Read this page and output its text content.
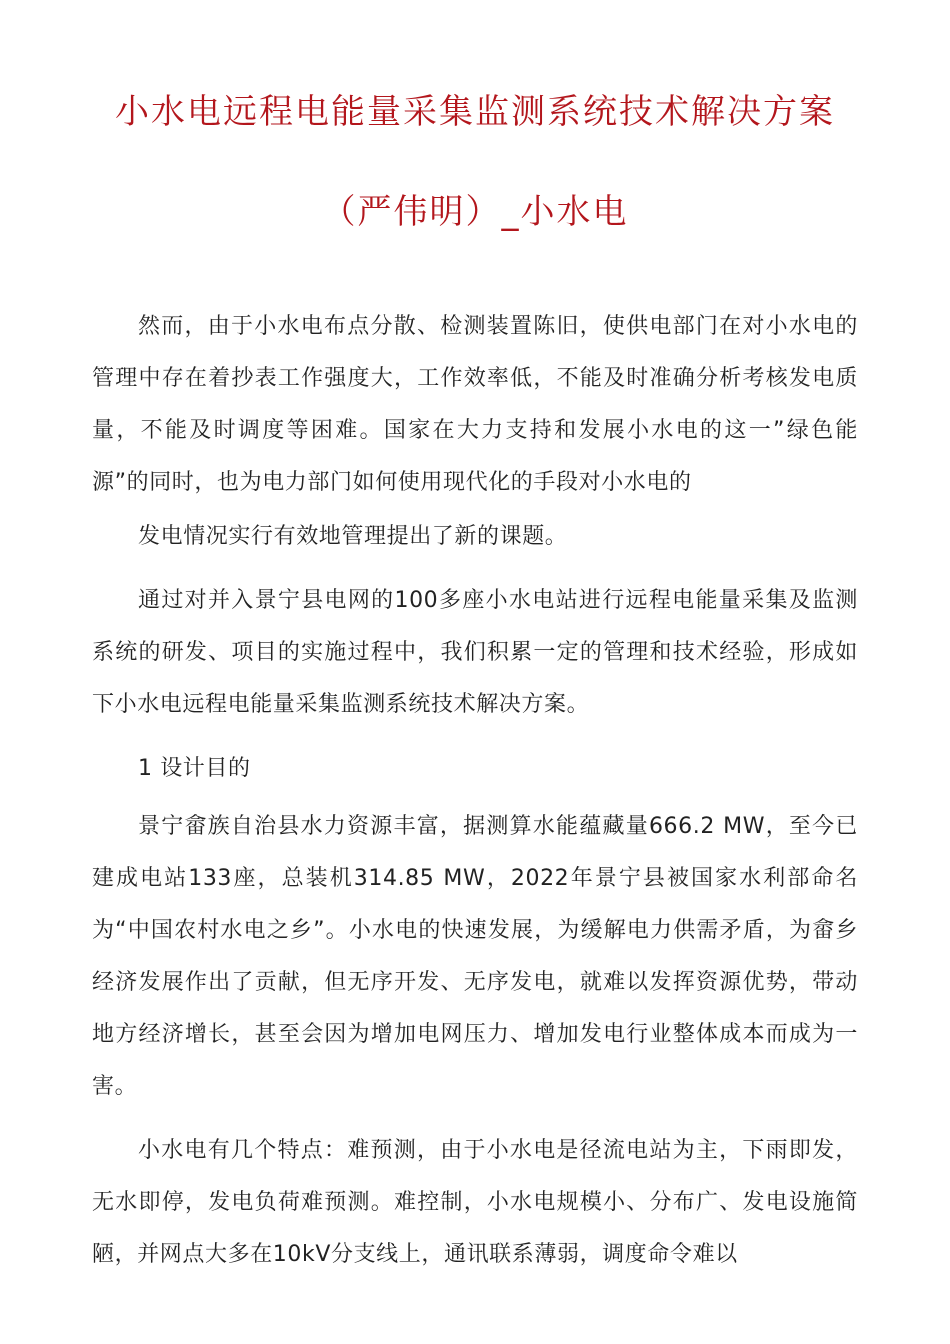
小水电远程电能量采集监测系统技术解决方案
（严伟明）_小水电

然而，由于小水电布点分散、检测装置陈旧，使供电部门在对小水电的管理中存在着抄表工作强度大，工作效率低，不能及时准确分析考核发电质量，不能及时调度等困难。国家在大力支持和发展小水电的这一”绿色能源”的同时，也为电力部门如何使用现代化的手段对小水电的

发电情况实行有效地管理提出了新的课题。

通过对并入景宁县电网的100多座小水电站进行远程电能量采集及监测系统的研发、项目的实施过程中，我们积累一定的管理和技术经验，形成如下小水电远程电能量采集监测系统技术解决方案。

1 设计目的

景宁畲族自治县水力资源丰富，据测算水能蕴藏量666.2 MW，至今已建成电站133座，总装机314.85 MW，2022年景宁县被国家水利部命名为“中国农村水电之乡”。小水电的快速发展，为缓解电力供需矛盾，为畲乡经济发展作出了贡献，但无序开发、无序发电，就难以发挥资源优势，带动地方经济增长，甚至会因为增加电网压力、增加发电行业整体成本而成为一害。

小水电有几个特点：难预测，由于小水电是径流电站为主，下雨即发，无水即停，发电负荷难预测。难控制，小水电规模小、分布广、发电设施简陋，并网点大多在10kV分支线上，通讯联系薄弱，调度命令难以
